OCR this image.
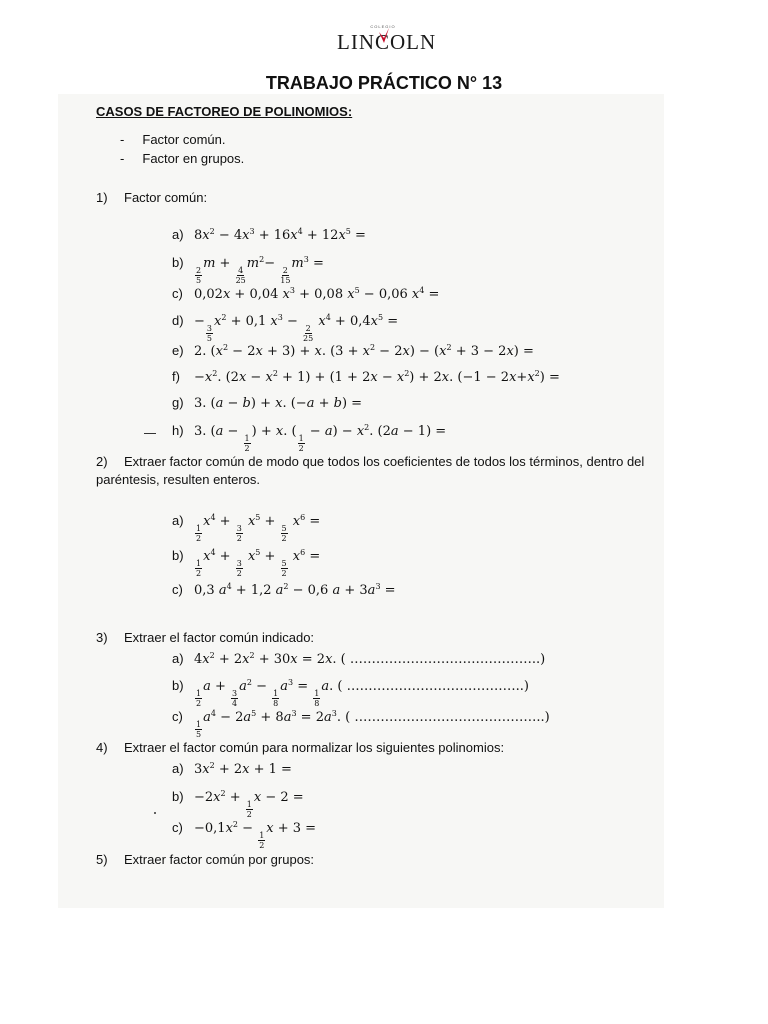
COLEGIO
LINCOLN
TRABAJO PRÁCTICO N° 13
CASOS DE FACTOREO DE POLINOMIOS:
-     Factor común.
-     Factor en grupos.
1) Factor común:
a) $8x^2 - 4x^3 + 16x^4 + 12x^5$ =
b)
$\frac{2}{5}$
m +
$\frac{4}{25}$
$m^2-$
$\frac{2}{15}$
$m^3$ =
c) 0,02x + 0,04 $x^3 + 0,08$ $x^5 - 0,06$ $x^4$ =
d) −
$\frac{3}{5}$
$x^2 + 0,1$ $x^3$ −
$\frac{2}{25}$
$x^4 + 0,4x^5$ =
e) 2. $(x^2 - 2x + 3) + x$. $(3 + x^2 - 2x) - (x^2 + 3 - 2x)$ =
$f) -x^2$. $(2x - x^2 + 1) + (1 + 2x - x^2) + 2x$. $(-1 - 2x+x^2)$ =
g) 3. (a − b) + x. (−a + b) =
h) 3. (a −
$\frac{1}{2}$
) + x. (
$\frac{1}{2}$
− $a) - x^2$. (2a − 1) =
2) Extraer factor común de modo que todos los coeficientes de todos los términos, dentro del paréntesis, resulten enteros.
a)
$\frac{1}{2}$
$x^4$ +
$\frac{3}{2}$
$x^5$ +
$\frac{5}{2}$
$x^6$ =
b)
$\frac{1}{2}$
$x^4$ +
$\frac{3}{2}$
$x^5$ +
$\frac{5}{2}$
$x^6$ =
c) 0,3 $a^4 + 1,2$ $a^2 - 0,6$ $a + 3a^3$ =
3) Extraer el factor común indicado:
a) $4x^2 + 2x^2 + 30x = 2x$. ( ……………………………………..)
b)
$\frac{1}{2}$
a +
$\frac{3}{4}$
$a^2$ −
$\frac{1}{8}$
$a^3$ =
$\frac{1}{8}$
a. ( …………………………………..)
c)
$\frac{1}{5}$
$a^4 - 2a^5 + 8a^3 = 2a^3$. ( ……………………………………..)
4) Extraer el factor común para normalizar los siguientes polinomios:
a) $3x^2 + 2x + 1$ =
$b) -2x^2$ +
$\frac{1}{2}$
x − 2 =
$c) -0,1x^2$ −
$\frac{1}{2}$
x + 3 =
5) Extraer factor común por grupos:
